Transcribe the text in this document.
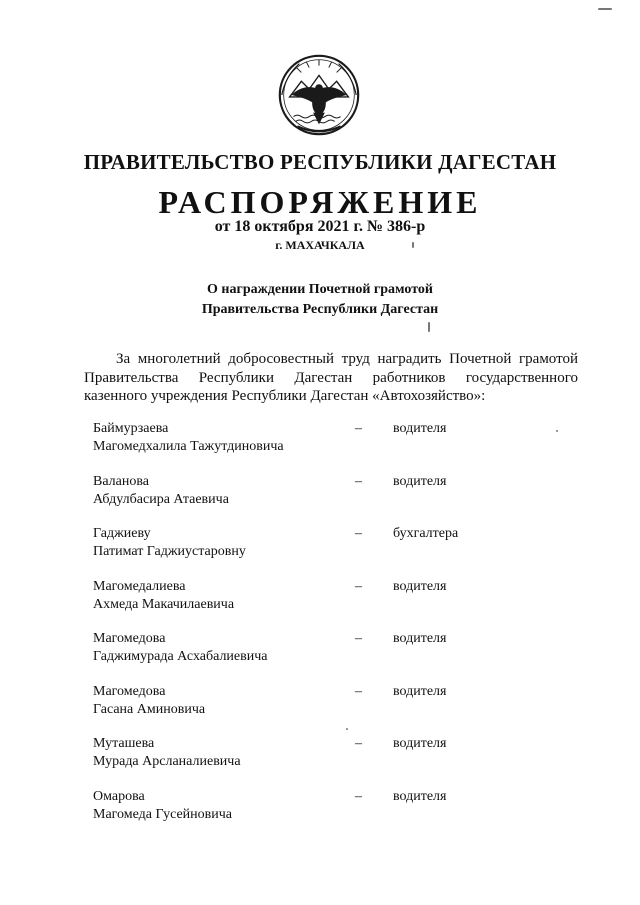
ПРАВИТЕЛЬСТВО РЕСПУБЛИКИ ДАГЕСТАН
РАСПОРЯЖЕНИЕ
от 18 октября 2021 г. № 386-р
г. МАХАЧКАЛА
О награждении Почетной грамотой
Правительства Республики Дагестан
За многолетний добросовестный труд наградить Почетной грамотой Правительства Республики Дагестан работников государственного казенного учреждения Республики Дагестан «Автохозяйство»:
Баймурзаева
Магомедхалила Тажутдиновича
– водителя
Валанова
Абдулбасира Атаевича
– водителя
Гаджиеву
Патимат Гаджиустаровну
– бухгалтера
Магомедалиева
Ахмеда Макачилаевича
– водителя
Магомедова
Гаджимурада Асхабалиевича
– водителя
Магомедова
Гасана Аминовича
– водителя
Муташева
Мурада Арсланалиевича
– водителя
Омарова
Магомеда Гусейновича
– водителя
